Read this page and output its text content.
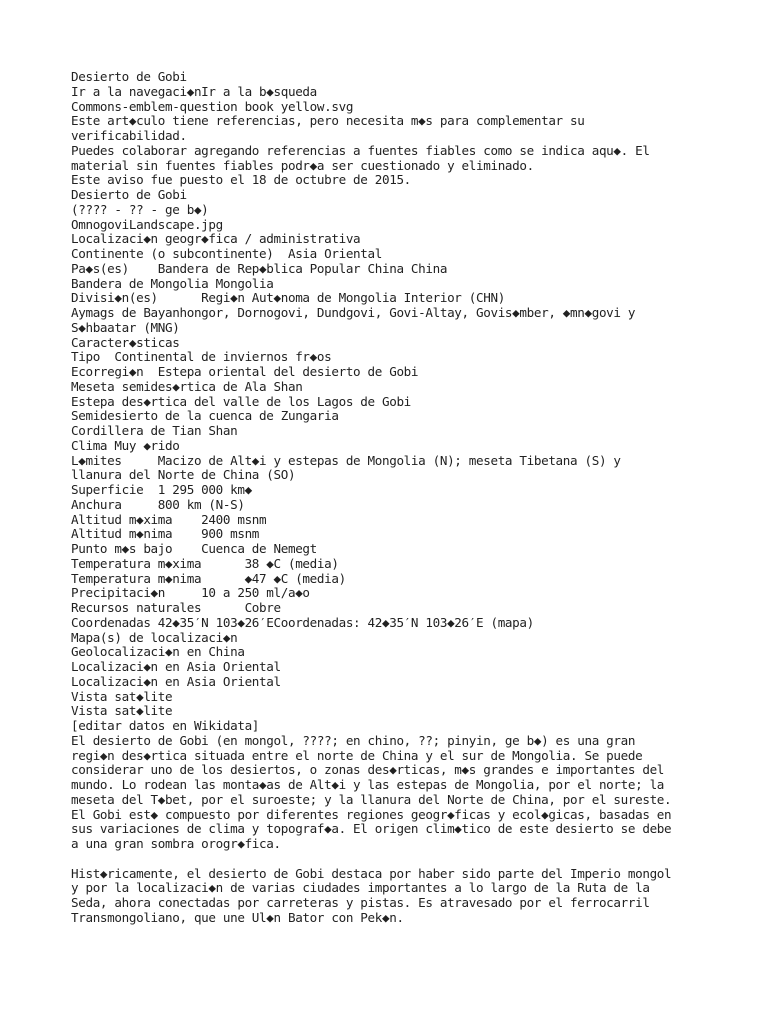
Desierto de Gobi
Ir a la navegaci◆nIr a la b◆squeda
Commons-emblem-question book yellow.svg
Este art◆culo tiene referencias, pero necesita m◆s para complementar su
verificabilidad.
Puedes colaborar agregando referencias a fuentes fiables como se indica aqu◆. El
material sin fuentes fiables podr◆a ser cuestionado y eliminado.
Este aviso fue puesto el 18 de octubre de 2015.
Desierto de Gobi
(???? - ?? - ge b◆)
OmnogoviLandscape.jpg
Localizaci◆n geogr◆fica / administrativa
Continente (o subcontinente)  Asia Oriental
Pa◆s(es)    Bandera de Rep◆blica Popular China China
Bandera de Mongolia Mongolia
Divisi◆n(es)      Regi◆n Aut◆noma de Mongolia Interior (CHN)
Aymags de Bayanhongor, Dornogovi, Dundgovi, Govi-Altay, Govis◆mber, ◆mn◆govi y
S◆hbaatar (MNG)
Caracter◆sticas
Tipo  Continental de inviernos fr◆os
Ecorregi◆n  Estepa oriental del desierto de Gobi
Meseta semides◆rtica de Ala Shan
Estepa des◆rtica del valle de los Lagos de Gobi
Semidesierto de la cuenca de Zungaria
Cordillera de Tian Shan
Clima Muy ◆rido
L◆mites     Macizo de Alt◆i y estepas de Mongolia (N); meseta Tibetana (S) y
llanura del Norte de China (SO)
Superficie  1 295 000 km◆
Anchura     800 km (N-S)
Altitud m◆xima    2400 msnm
Altitud m◆nima    900 msnm
Punto m◆s bajo    Cuenca de Nemegt
Temperatura m◆xima      38 ◆C (media)
Temperatura m◆nima      ◆47 ◆C (media)
Precipitaci◆n     10 a 250 ml/a◆o
Recursos naturales      Cobre
Coordenadas 42◆35′N 103◆26′ECoordenadas: 42◆35′N 103◆26′E (mapa)
Mapa(s) de localizaci◆n
Geolocalizaci◆n en China
Localizaci◆n en Asia Oriental
Localizaci◆n en Asia Oriental
Vista sat◆lite
Vista sat◆lite
[editar datos en Wikidata]
El desierto de Gobi (en mongol, ????; en chino, ??; pinyin, ge b◆) es una gran
regi◆n des◆rtica situada entre el norte de China y el sur de Mongolia. Se puede
considerar uno de los desiertos, o zonas des◆rticas, m◆s grandes e importantes del
mundo. Lo rodean las monta◆as de Alt◆i y las estepas de Mongolia, por el norte; la
meseta del T◆bet, por el suroeste; y la llanura del Norte de China, por el sureste.
El Gobi est◆ compuesto por diferentes regiones geogr◆ficas y ecol◆gicas, basadas en
sus variaciones de clima y topograf◆a. El origen clim◆tico de este desierto se debe
a una gran sombra orogr◆fica.
Hist◆ricamente, el desierto de Gobi destaca por haber sido parte del Imperio mongol
y por la localizaci◆n de varias ciudades importantes a lo largo de la Ruta de la
Seda, ahora conectadas por carreteras y pistas. Es atravesado por el ferrocarril
Transmongoliano, que une Ul◆n Bator con Pek◆n.
